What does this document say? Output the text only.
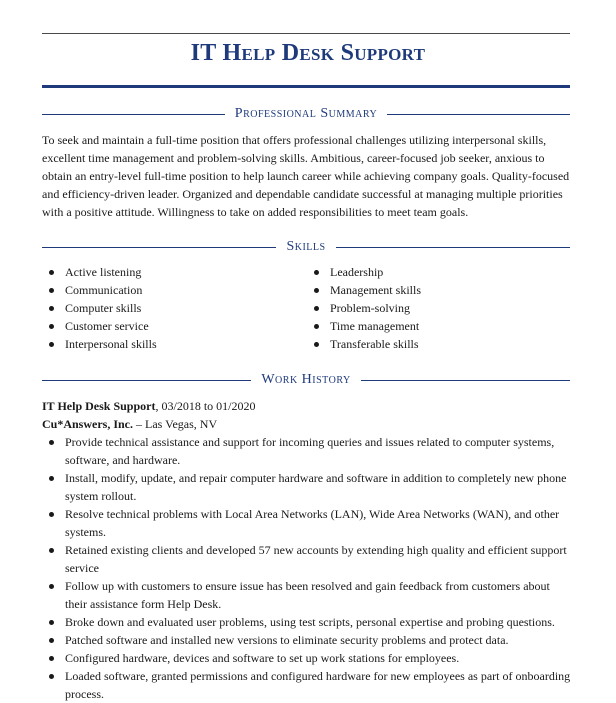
IT Help Desk Support
Professional Summary

To seek and maintain a full-time position that offers professional challenges utilizing interpersonal skills, excellent time management and problem-solving skills. Ambitious, career-focused job seeker, anxious to obtain an entry-level full-time position to help launch career while achieving company goals. Quality-focused and efficiency-driven leader. Organized and dependable candidate successful at managing multiple priorities with a positive attitude. Willingness to take on added responsibilities to meet team goals.

Skills
Active listening
Communication
Computer skills
Customer service
Interpersonal skills
Leadership
Management skills
Problem-solving
Time management
Transferable skills
Work History
IT Help Desk Support, 03/2018 to 01/2020
Cu*Answers, Inc. – Las Vegas, NV
Provide technical assistance and support for incoming queries and issues related to computer systems, software, and hardware.
Install, modify, update, and repair computer hardware and software in addition to completely new phone system rollout.
Resolve technical problems with Local Area Networks (LAN), Wide Area Networks (WAN), and other systems.
Retained existing clients and developed 57 new accounts by extending high quality and efficient support service
Follow up with customers to ensure issue has been resolved and gain feedback from customers about their assistance form Help Desk.
Broke down and evaluated user problems, using test scripts, personal expertise and probing questions.
Patched software and installed new versions to eliminate security problems and protect data.
Configured hardware, devices and software to set up work stations for employees.
Loaded software, granted permissions and configured hardware for new employees as part of onboarding process.
